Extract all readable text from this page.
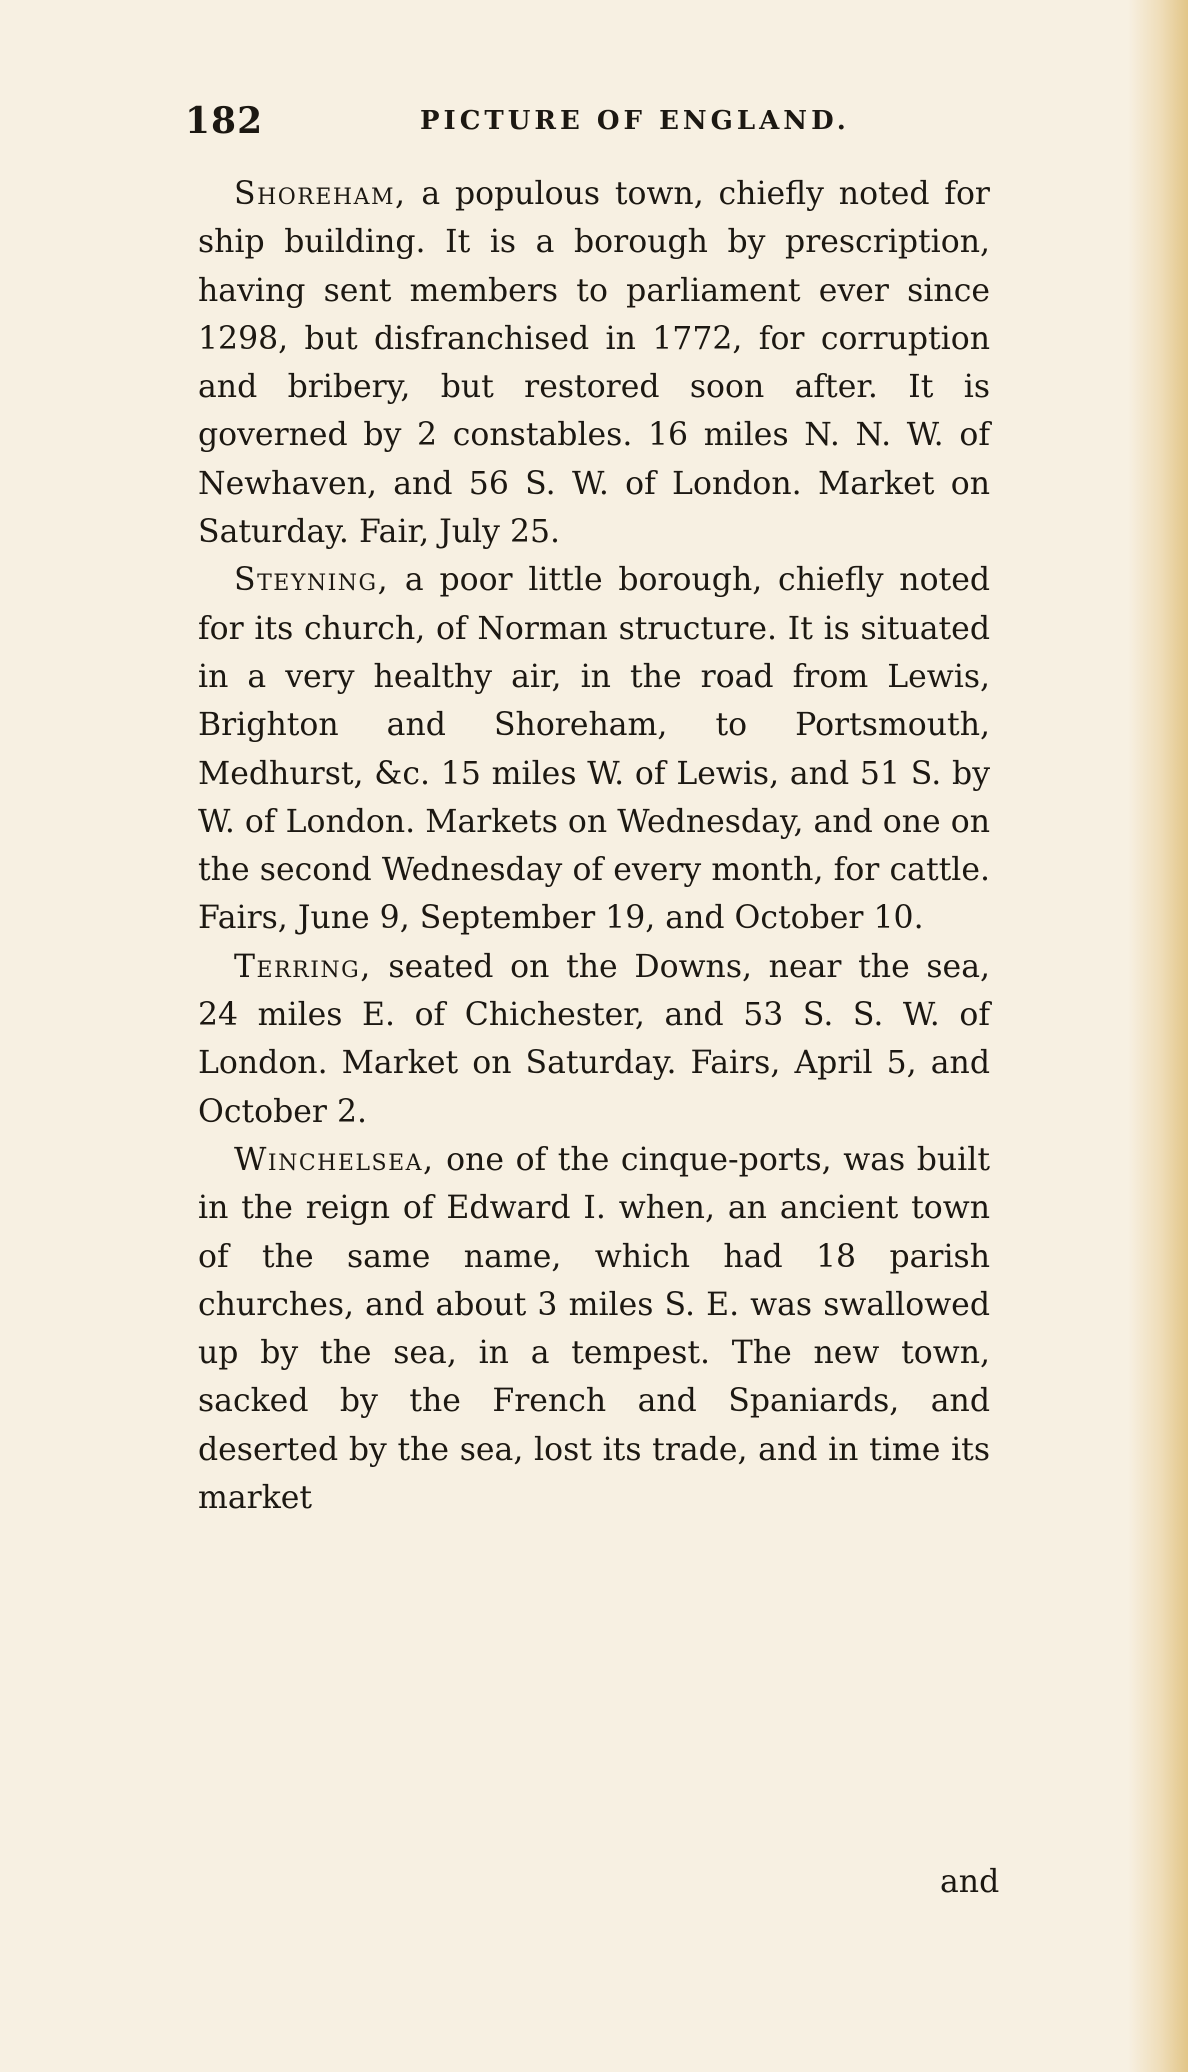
182	PICTURE OF ENGLAND.

Shoreham, a populous town, chiefly noted for ship building. It is a borough by prescription, having sent members to parliament ever since 1298, but disfranchised in 1772, for corruption and bribery, but restored soon after. It is governed by 2 constables. 16 miles N. N. W. of Newhaven, and 56 S. W. of London. Market on Saturday. Fair, July 25.

Steyning, a poor little borough, chiefly noted for its church, of Norman structure. It is situated in a very healthy air, in the road from Lewis, Brighton and Shoreham, to Portsmouth, Medhurst, &c. 15 miles W. of Lewis, and 51 S. by W. of London. Markets on Wednesday, and one on the second Wednesday of every month, for cattle. Fairs, June 9, September 19, and October 10.

Terring, seated on the Downs, near the sea, 24 miles E. of Chichester, and 53 S. S. W. of London. Market on Saturday. Fairs, April 5, and October 2.

Winchelsea, one of the cinque-ports, was built in the reign of Edward I. when, an ancient town of the same name, which had 18 parish churches, and about 3 miles S. E. was swallowed up by the sea, in a tempest. The new town, sacked by the French and Spaniards, and deserted by the sea, lost its trade, and in time its market

and
